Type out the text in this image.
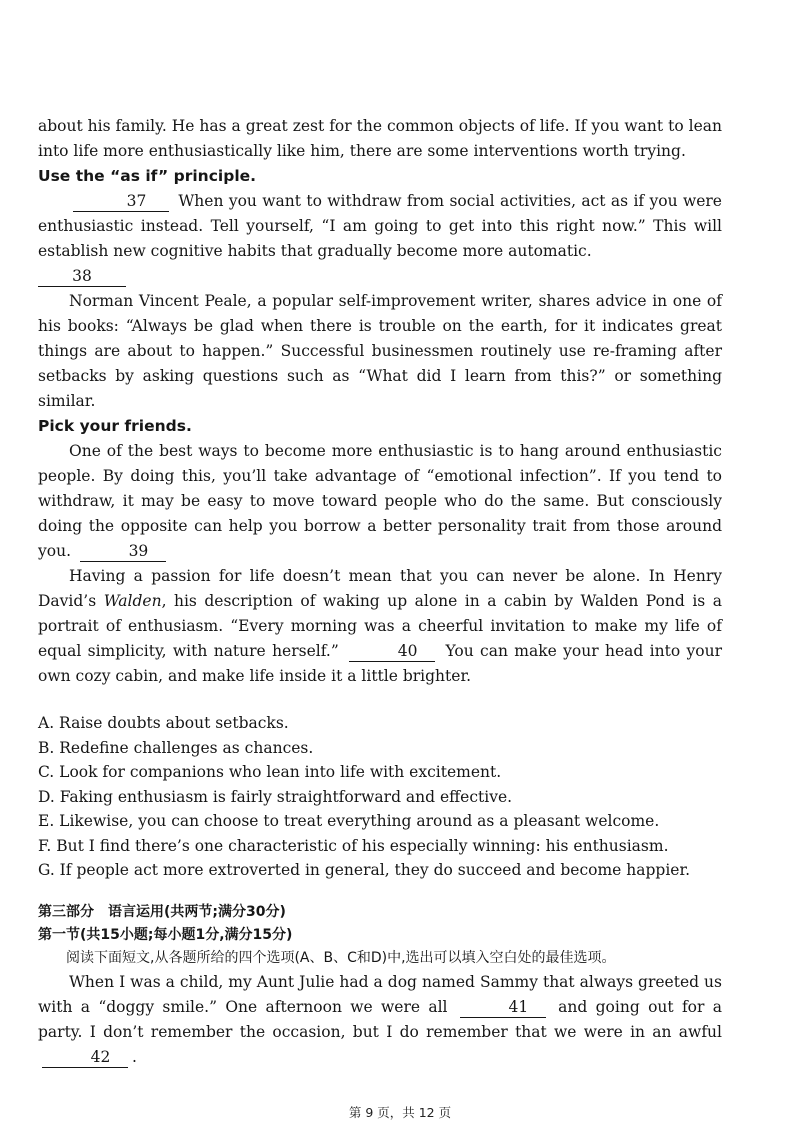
about his family. He has a great zest for the common objects of life. If you want to lean into life more enthusiastically like him, there are some interventions worth trying.

Use the “as if” principle.

37 When you want to withdraw from social activities, act as if you were enthusiastic instead. Tell yourself, “I am going to get into this right now.” This will establish new cognitive habits that gradually become more automatic.

38

Norman Vincent Peale, a popular self-improvement writer, shares advice in one of his books: “Always be glad when there is trouble on the earth, for it indicates great things are about to happen.” Successful businessmen routinely use re-framing after setbacks by asking questions such as “What did I learn from this?” or something similar.

Pick your friends.

One of the best ways to become more enthusiastic is to hang around enthusiastic people. By doing this, you’ll take advantage of “emotional infection”. If you tend to withdraw, it may be easy to move toward people who do the same. But consciously doing the opposite can help you borrow a better personality trait from those around you.	39

Having a passion for life doesn’t mean that you can never be alone. In Henry David’s Walden, his description of waking up alone in a cabin by Walden Pond is a portrait of enthusiasm. “Every morning was a cheerful invitation to make my life of equal simplicity, with nature herself.”	40 You can make your head into your own cozy cabin, and make life inside it a little brighter.

A. Raise doubts about setbacks.

B. Redefine challenges as chances.

C. Look for companions who lean into life with excitement.

D. Faking enthusiasm is fairly straightforward and effective.

E. Likewise, you can choose to treat everything around as a pleasant welcome.

F. But I find there’s one characteristic of his especially winning: his enthusiasm.

G. If people act more extroverted in general, they do succeed and become happier.

第三部分　语言运用(共两节;满分30分)

第一节(共15小题;每小题1分,满分15分)

阅读下面短文,从各题所给的四个选项(A、B、C和D)中,选出可以填入空白处的最佳选项。

When I was a child, my Aunt Julie had a dog named Sammy that always greeted us with a “doggy smile.” One afternoon we were all	41 and going out for a party. I don’t remember the occasion, but I do remember that we were in an awful 42 .

第 9 页，共 12 页
